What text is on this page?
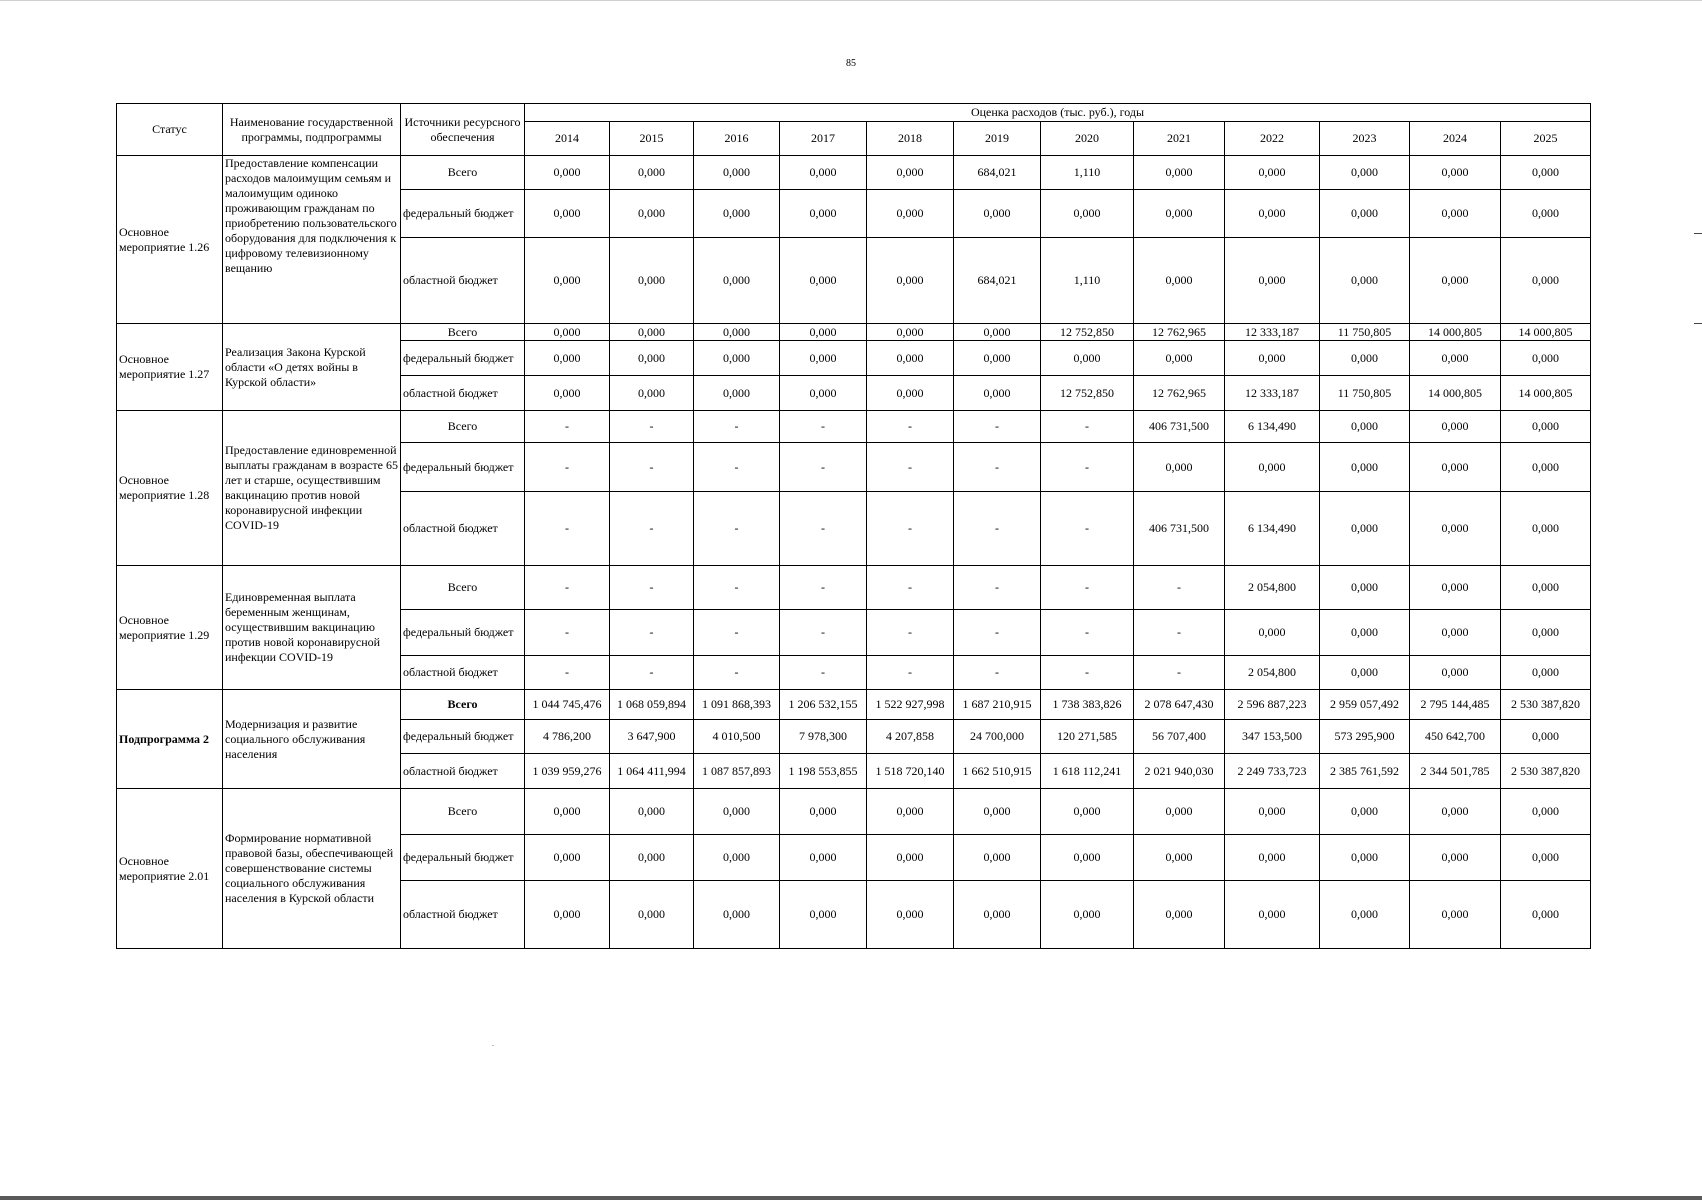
85
Статус	Наименование государственной программы, подпрограммы	Источники ресурсного обеспечения	Оценка расходов (тыс. руб.), годы											
			2014	2015	2016	2017	2018	2019	2020	2021	2022	2023	2024	2025
Основное мероприятие 1.26	Предоставление компенсации расходов малоимущим семьям и малоимущим одиноко проживающим гражданам по приобретению пользовательского оборудования для подключения к цифровому телевизионному вещанию	Всего	0,000	0,000	0,000	0,000	0,000	684,021	1,110	0,000	0,000	0,000	0,000	0,000
		федеральный бюджет	0,000	0,000	0,000	0,000	0,000	0,000	0,000	0,000	0,000	0,000	0,000	0,000
		областной бюджет	0,000	0,000	0,000	0,000	0,000	684,021	1,110	0,000	0,000	0,000	0,000	0,000
Основное мероприятие 1.27	Реализация Закона Курской области «О детях войны в Курской области»	Всего	0,000	0,000	0,000	0,000	0,000	0,000	12 752,850	12 762,965	12 333,187	11 750,805	14 000,805	14 000,805
		федеральный бюджет	0,000	0,000	0,000	0,000	0,000	0,000	0,000	0,000	0,000	0,000	0,000	0,000
		областной бюджет	0,000	0,000	0,000	0,000	0,000	0,000	12 752,850	12 762,965	12 333,187	11 750,805	14 000,805	14 000,805
Основное мероприятие 1.28	Предоставление единовременной выплаты гражданам в возрасте 65 лет и старше, осуществившим вакцинацию против новой коронавирусной инфекции COVID-19	Всего	-	-	-	-	-	-	-	406 731,500	6 134,490	0,000	0,000	0,000
		федеральный бюджет	-	-	-	-	-	-	-	0,000	0,000	0,000	0,000	0,000
		областной бюджет	-	-	-	-	-	-	-	406 731,500	6 134,490	0,000	0,000	0,000
Основное мероприятие 1.29	Единовременная выплата беременным женщинам, осуществившим вакцинацию против новой коронавирусной инфекции COVID-19	Всего	-	-	-	-	-	-	-	-	2 054,800	0,000	0,000	0,000
		федеральный бюджет	-	-	-	-	-	-	-	-	0,000	0,000	0,000	0,000
		областной бюджет	-	-	-	-	-	-	-	-	2 054,800	0,000	0,000	0,000
Подпрограмма 2	Модернизация и развитие социального обслуживания населения	Всего	1 044 745,476	1 068 059,894	1 091 868,393	1 206 532,155	1 522 927,998	1 687 210,915	1 738 383,826	2 078 647,430	2 596 887,223	2 959 057,492	2 795 144,485	2 530 387,820
		федеральный бюджет	4 786,200	3 647,900	4 010,500	7 978,300	4 207,858	24 700,000	120 271,585	56 707,400	347 153,500	573 295,900	450 642,700	0,000
		областной бюджет	1 039 959,276	1 064 411,994	1 087 857,893	1 198 553,855	1 518 720,140	1 662 510,915	1 618 112,241	2 021 940,030	2 249 733,723	2 385 761,592	2 344 501,785	2 530 387,820
Основное мероприятие 2.01	Формирование нормативной правовой базы, обеспечивающей совершенствование системы социального обслуживания населения в Курской области	Всего	0,000	0,000	0,000	0,000	0,000	0,000	0,000	0,000	0,000	0,000	0,000	0,000
		федеральный бюджет	0,000	0,000	0,000	0,000	0,000	0,000	0,000	0,000	0,000	0,000	0,000	0,000
		областной бюджет	0,000	0,000	0,000	0,000	0,000	0,000	0,000	0,000	0,000	0,000	0,000	0,000
